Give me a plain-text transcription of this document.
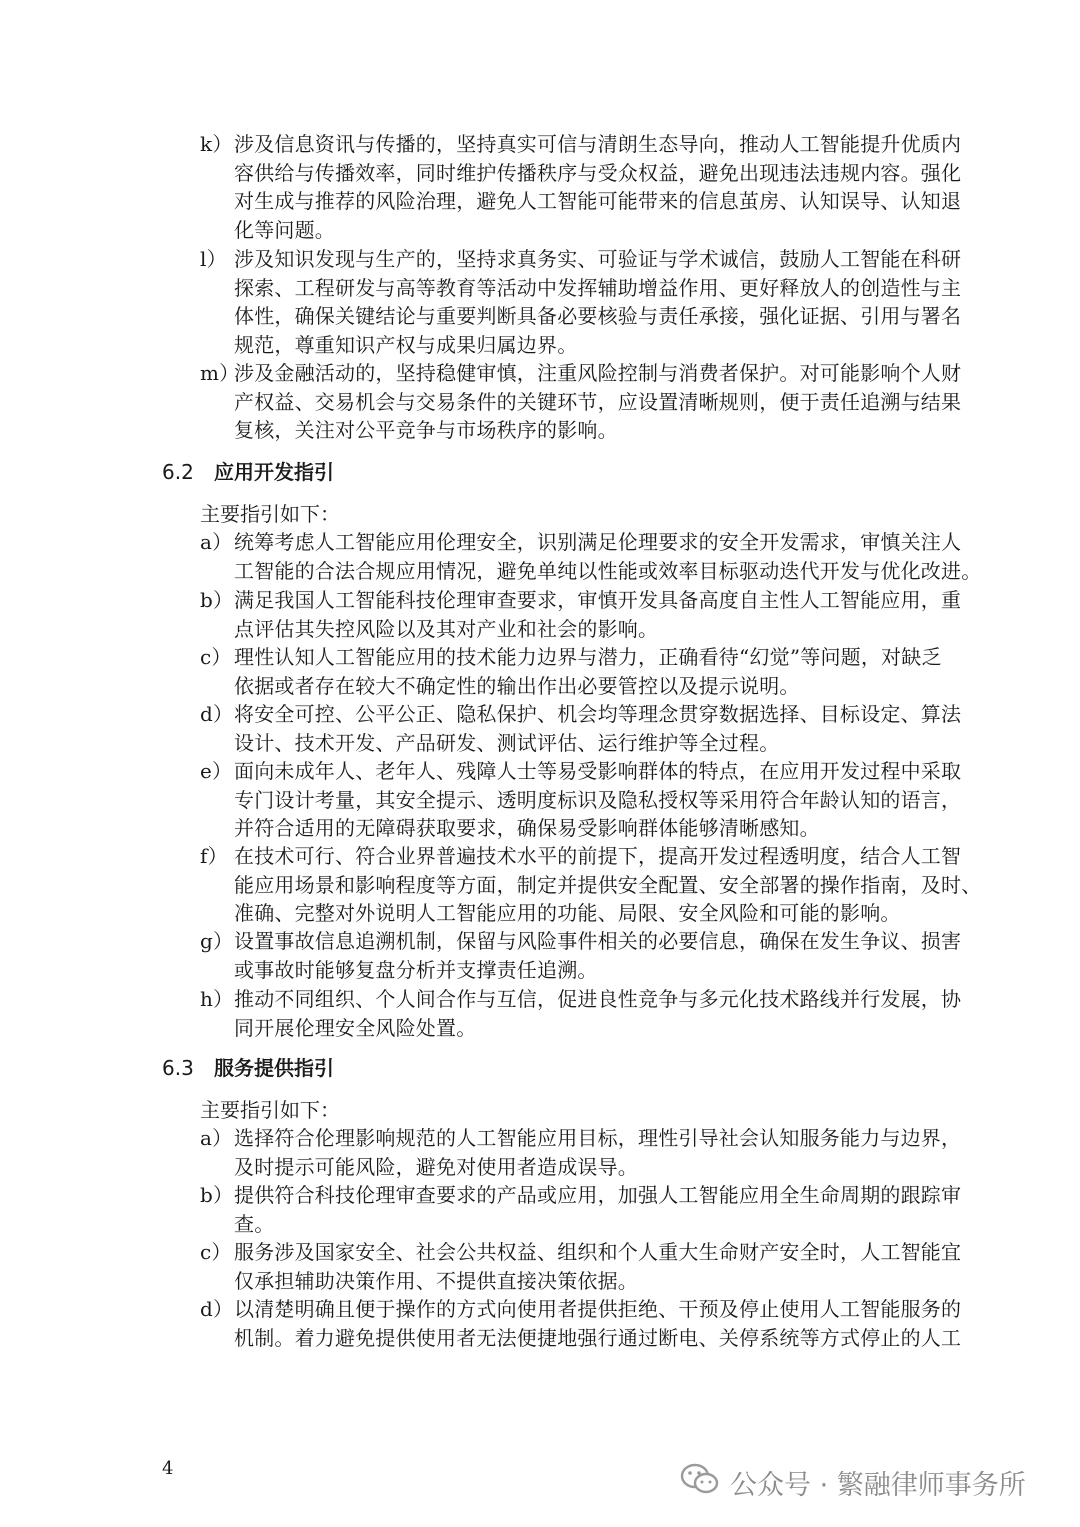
k） 涉及信息资讯与传播的，坚持真实可信与清朗生态导向，推动人工智能提升优质内
容供给与传播效率，同时维护传播秩序与受众权益，避免出现违法违规内容。强化
对生成与推荐的风险治理，避免人工智能可能带来的信息茧房、认知误导、认知退
化等问题。
l） 涉及知识发现与生产的，坚持求真务实、可验证与学术诚信，鼓励人工智能在科研
探索、工程研发与高等教育等活动中发挥辅助增益作用、更好释放人的创造性与主
体性，确保关键结论与重要判断具备必要核验与责任承接，强化证据、引用与署名
规范，尊重知识产权与成果归属边界。
m）
涉及金融活动的，坚持稳健审慎，注重风险控制与消费者保护。对可能影响个人财
产权益、交易机会与交易条件的关键环节，应设置清晰规则，便于责任追溯与结果
复核，关注对公平竞争与市场秩序的影响。
6.2 应用开发指引
主要指引如下：
a） 统筹考虑人工智能应用伦理安全，识别满足伦理要求的安全开发需求，审慎关注人
工智能的合法合规应用情况，避免单纯以性能或效率目标驱动迭代开发与优化改进。
b） 满足我国人工智能科技伦理审查要求，审慎开发具备高度自主性人工智能应用，重
点评估其失控风险以及其对产业和社会的影响。
c） 理性认知人工智能应用的技术能力边界与潜力，正确看待“幻觉”等问题，对缺乏
依据或者存在较大不确定性的输出作出必要管控以及提示说明。
d） 将安全可控、公平公正、隐私保护、机会均等理念贯穿数据选择、目标设定、算法
设计、技术开发、产品研发、测试评估、运行维护等全过程。
e） 面向未成年人、老年人、残障人士等易受影响群体的特点，在应用开发过程中采取
专门设计考量，其安全提示、透明度标识及隐私授权等采用符合年龄认知的语言，
并符合适用的无障碍获取要求，确保易受影响群体能够清晰感知。
f） 在技术可行、符合业界普遍技术水平的前提下，提高开发过程透明度，结合人工智
能应用场景和影响程度等方面，制定并提供安全配置、安全部署的操作指南，及时、
准确、完整对外说明人工智能应用的功能、局限、安全风险和可能的影响。
g） 设置事故信息追溯机制，保留与风险事件相关的必要信息，确保在发生争议、损害
或事故时能够复盘分析并支撑责任追溯。
h） 推动不同组织、个人间合作与互信，促进良性竞争与多元化技术路线并行发展，协
同开展伦理安全风险处置。
6.3 服务提供指引
主要指引如下：
a） 选择符合伦理影响规范的人工智能应用目标，理性引导社会认知服务能力与边界，
及时提示可能风险，避免对使用者造成误导。
b） 提供符合科技伦理审查要求的产品或应用，加强人工智能应用全生命周期的跟踪审
查。
c） 服务涉及国家安全、社会公共权益、组织和个人重大生命财产安全时，人工智能宜
仅承担辅助决策作用、不提供直接决策依据。
d） 以清楚明确且便于操作的方式向使用者提供拒绝、干预及停止使用人工智能服务的
机制。着力避免提供使用者无法便捷地强行通过断电、关停系统等方式停止的人工
4
公众号 · 繁融律师事务所
